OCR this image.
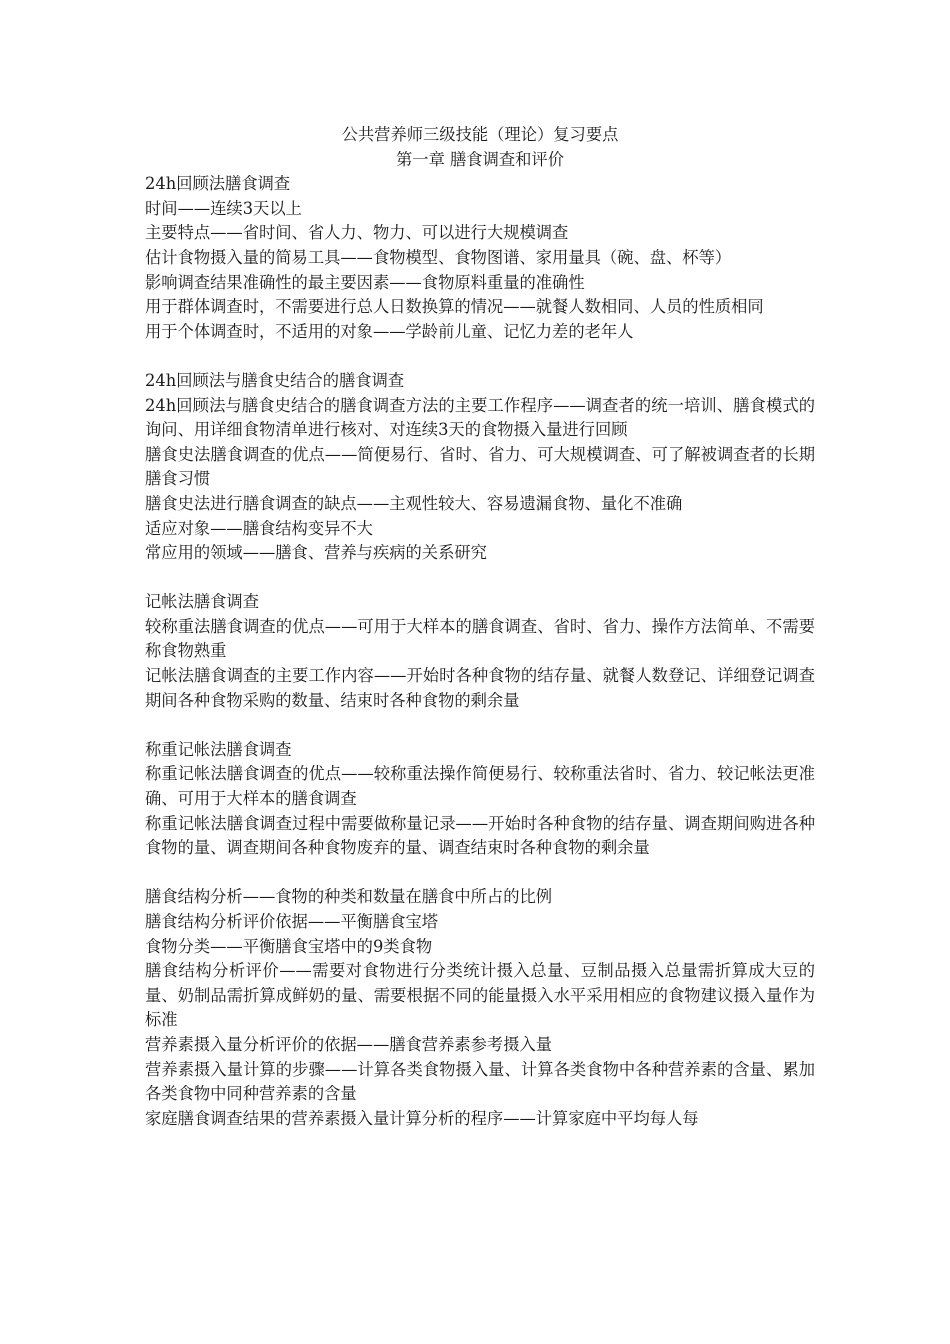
公共营养师三级技能（理论）复习要点

第一章 膳食调查和评价

24h回顾法膳食调查

时间——连续3天以上

主要特点——省时间、省人力、物力、可以进行大规模调查

估计食物摄入量的简易工具——食物模型、食物图谱、家用量具（碗、盘、杯等）

影响调查结果准确性的最主要因素——食物原料重量的准确性

用于群体调查时，不需要进行总人日数换算的情况——就餐人数相同、人员的性质相同

用于个体调查时，不适用的对象——学龄前儿童、记忆力差的老年人

24h回顾法与膳食史结合的膳食调查

24h回顾法与膳食史结合的膳食调查方法的主要工作程序——调查者的统一培训、膳食模式的询问、用详细食物清单进行核对、对连续3天的食物摄入量进行回顾

膳食史法膳食调查的优点——简便易行、省时、省力、可大规模调查、可了解被调查者的长期膳食习惯

膳食史法进行膳食调查的缺点——主观性较大、容易遗漏食物、量化不准确

适应对象——膳食结构变异不大

常应用的领域——膳食、营养与疾病的关系研究

记帐法膳食调查

较称重法膳食调查的优点——可用于大样本的膳食调查、省时、省力、操作方法简单、不需要称食物熟重

记帐法膳食调查的主要工作内容——开始时各种食物的结存量、就餐人数登记、详细登记调查期间各种食物采购的数量、结束时各种食物的剩余量

称重记帐法膳食调查

称重记帐法膳食调查的优点——较称重法操作简便易行、较称重法省时、省力、较记帐法更准确、可用于大样本的膳食调查

称重记帐法膳食调查过程中需要做称量记录——开始时各种食物的结存量、调查期间购进各种食物的量、调查期间各种食物废弃的量、调查结束时各种食物的剩余量

膳食结构分析——食物的种类和数量在膳食中所占的比例

膳食结构分析评价依据——平衡膳食宝塔

食物分类——平衡膳食宝塔中的9类食物

膳食结构分析评价——需要对食物进行分类统计摄入总量、豆制品摄入总量需折算成大豆的量、奶制品需折算成鲜奶的量、需要根据不同的能量摄入水平采用相应的食物建议摄入量作为标准

营养素摄入量分析评价的依据——膳食营养素参考摄入量

营养素摄入量计算的步骤——计算各类食物摄入量、计算各类食物中各种营养素的含量、累加各类食物中同种营养素的含量

家庭膳食调查结果的营养素摄入量计算分析的程序——计算家庭中平均每人每
